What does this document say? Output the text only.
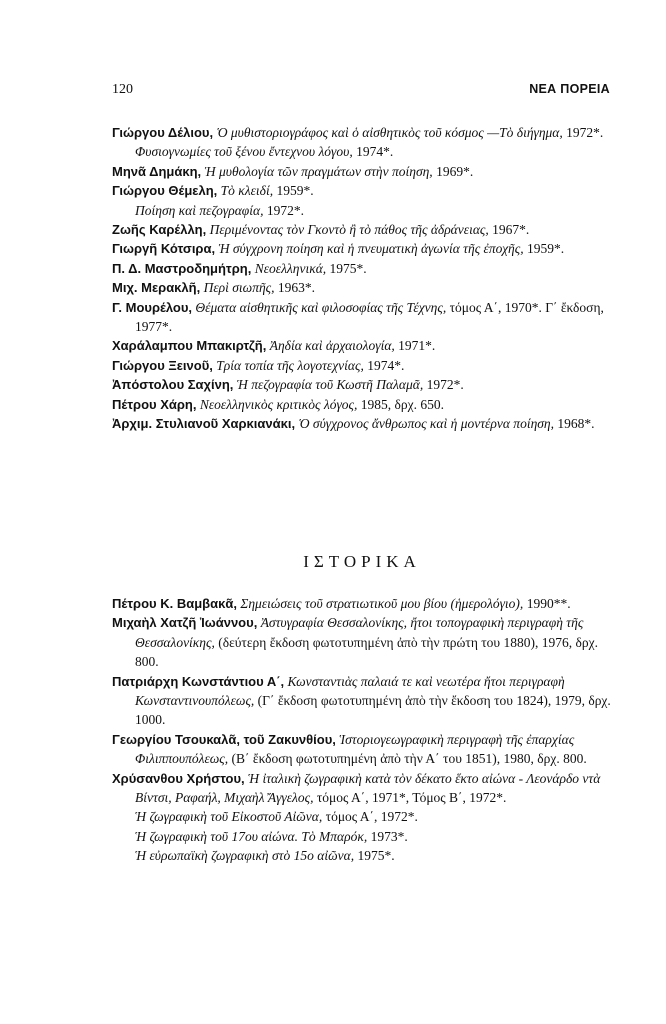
120	ΝΕΑ ΠΟΡΕΙΑ
Γιώργου Δέλιου, Ὁ μυθιστοριογράφος καὶ ὁ αἰσθητικὸς τοῦ κόσμος —Τὸ διήγημα, 1972*.
Φυσιογνωμίες τοῦ ξένου ἔντεχνου λόγου, 1974*.
Μηνᾶ Δημάκη, Ἡ μυθολογία τῶν πραγμάτων στὴν ποίηση, 1969*.
Γιώργου Θέμελη, Τὸ κλειδί, 1959*.
Ποίηση καὶ πεζογραφία, 1972*.
Ζωῆς Καρέλλη, Περιμένοντας τὸν Γκοντὸ ἢ τὸ πάθος τῆς ἀδράνειας, 1967*.
Γιωργῆ Κότσιρα, Ἡ σύγχρονη ποίηση καὶ ἡ πνευματικὴ ἀγωνία τῆς ἐποχῆς, 1959*.
Π. Δ. Μαστροδημήτρη, Νεοελληνικά, 1975*.
Μιχ. Μερακλῆ, Περὶ σιωπῆς, 1963*.
Γ. Μουρέλου, Θέματα αἰσθητικῆς καὶ φιλοσοφίας τῆς Τέχνης, τόμος Α΄, 1970*. Γ΄ ἔκδοση, 1977*.
Χαράλαμπου Μπακιρτζῆ, Ἀηδία καὶ ἀρχαιολογία, 1971*.
Γιώργου Ξεινοῦ, Τρία τοπία τῆς λογοτεχνίας, 1974*.
Ἀπόστολου Σαχίνη, Ἡ πεζογραφία τοῦ Κωστῆ Παλαμᾶ, 1972*.
Πέτρου Χάρη, Νεοελληνικὸς κριτικὸς λόγος, 1985, δρχ. 650.
Ἀρχιμ. Στυλιανοῦ Χαρκιανάκι, Ὁ σύγχρονος ἄνθρωπος καὶ ἡ μοντέρνα ποίηση, 1968*.
ΙΣΤΟΡΙΚΑ
Πέτρου Κ. Βαμβακᾶ, Σημειώσεις τοῦ στρατιωτικοῦ μου βίου (ἡμερολόγιο), 1990**.
Μιχαὴλ Χατζῆ Ἰωάννου, Ἀστυγραφία Θεσσαλονίκης, ἤτοι τοπογραφικὴ περιγραφὴ τῆς Θεσσαλονίκης, (δεύτερη ἔκδοση φωτοτυπημένη ἀπὸ τὴν πρώτη του 1880), 1976, δρχ. 800.
Πατριάρχη Κωνστάντιου Α΄, Κωνσταντιὰς παλαιά τε καὶ νεωτέρα ἤτοι περιγραφὴ Κωνσταντινουπόλεως, (Γ΄ ἔκδοση φωτοτυπημένη ἀπὸ τὴν ἔκδοση του 1824), 1979, δρχ. 1000.
Γεωργίου Τσουκαλᾶ, τοῦ Ζακυνθίου, Ἱστοριογεωγραφικὴ περιγραφὴ τῆς ἐπαρχίας Φιλιππουπόλεως, (Β΄ ἔκδοση φωτοτυπημένη ἀπὸ τὴν Α΄ του 1851), 1980, δρχ. 800.
Χρύσανθου Χρήστου, Ἡ ἰταλικὴ ζωγραφικὴ κατὰ τὸν δέκατο ἕκτο αἰώνα - Λεονάρδο ντὰ Βίντσι, Ραφαήλ, Μιχαὴλ Ἄγγελος, τόμος Α΄, 1971*, Τόμος Β΄, 1972*.
Ἡ ζωγραφικὴ τοῦ Εἰκοστοῦ Αἰῶνα, τόμος Α΄, 1972*.
Ἡ ζωγραφικὴ τοῦ 17ου αἰώνα. Τὸ Μπαρόκ, 1973*.
Ἡ εὐρωπαϊκὴ ζωγραφικὴ στὸ 15ο αἰῶνα, 1975*.
